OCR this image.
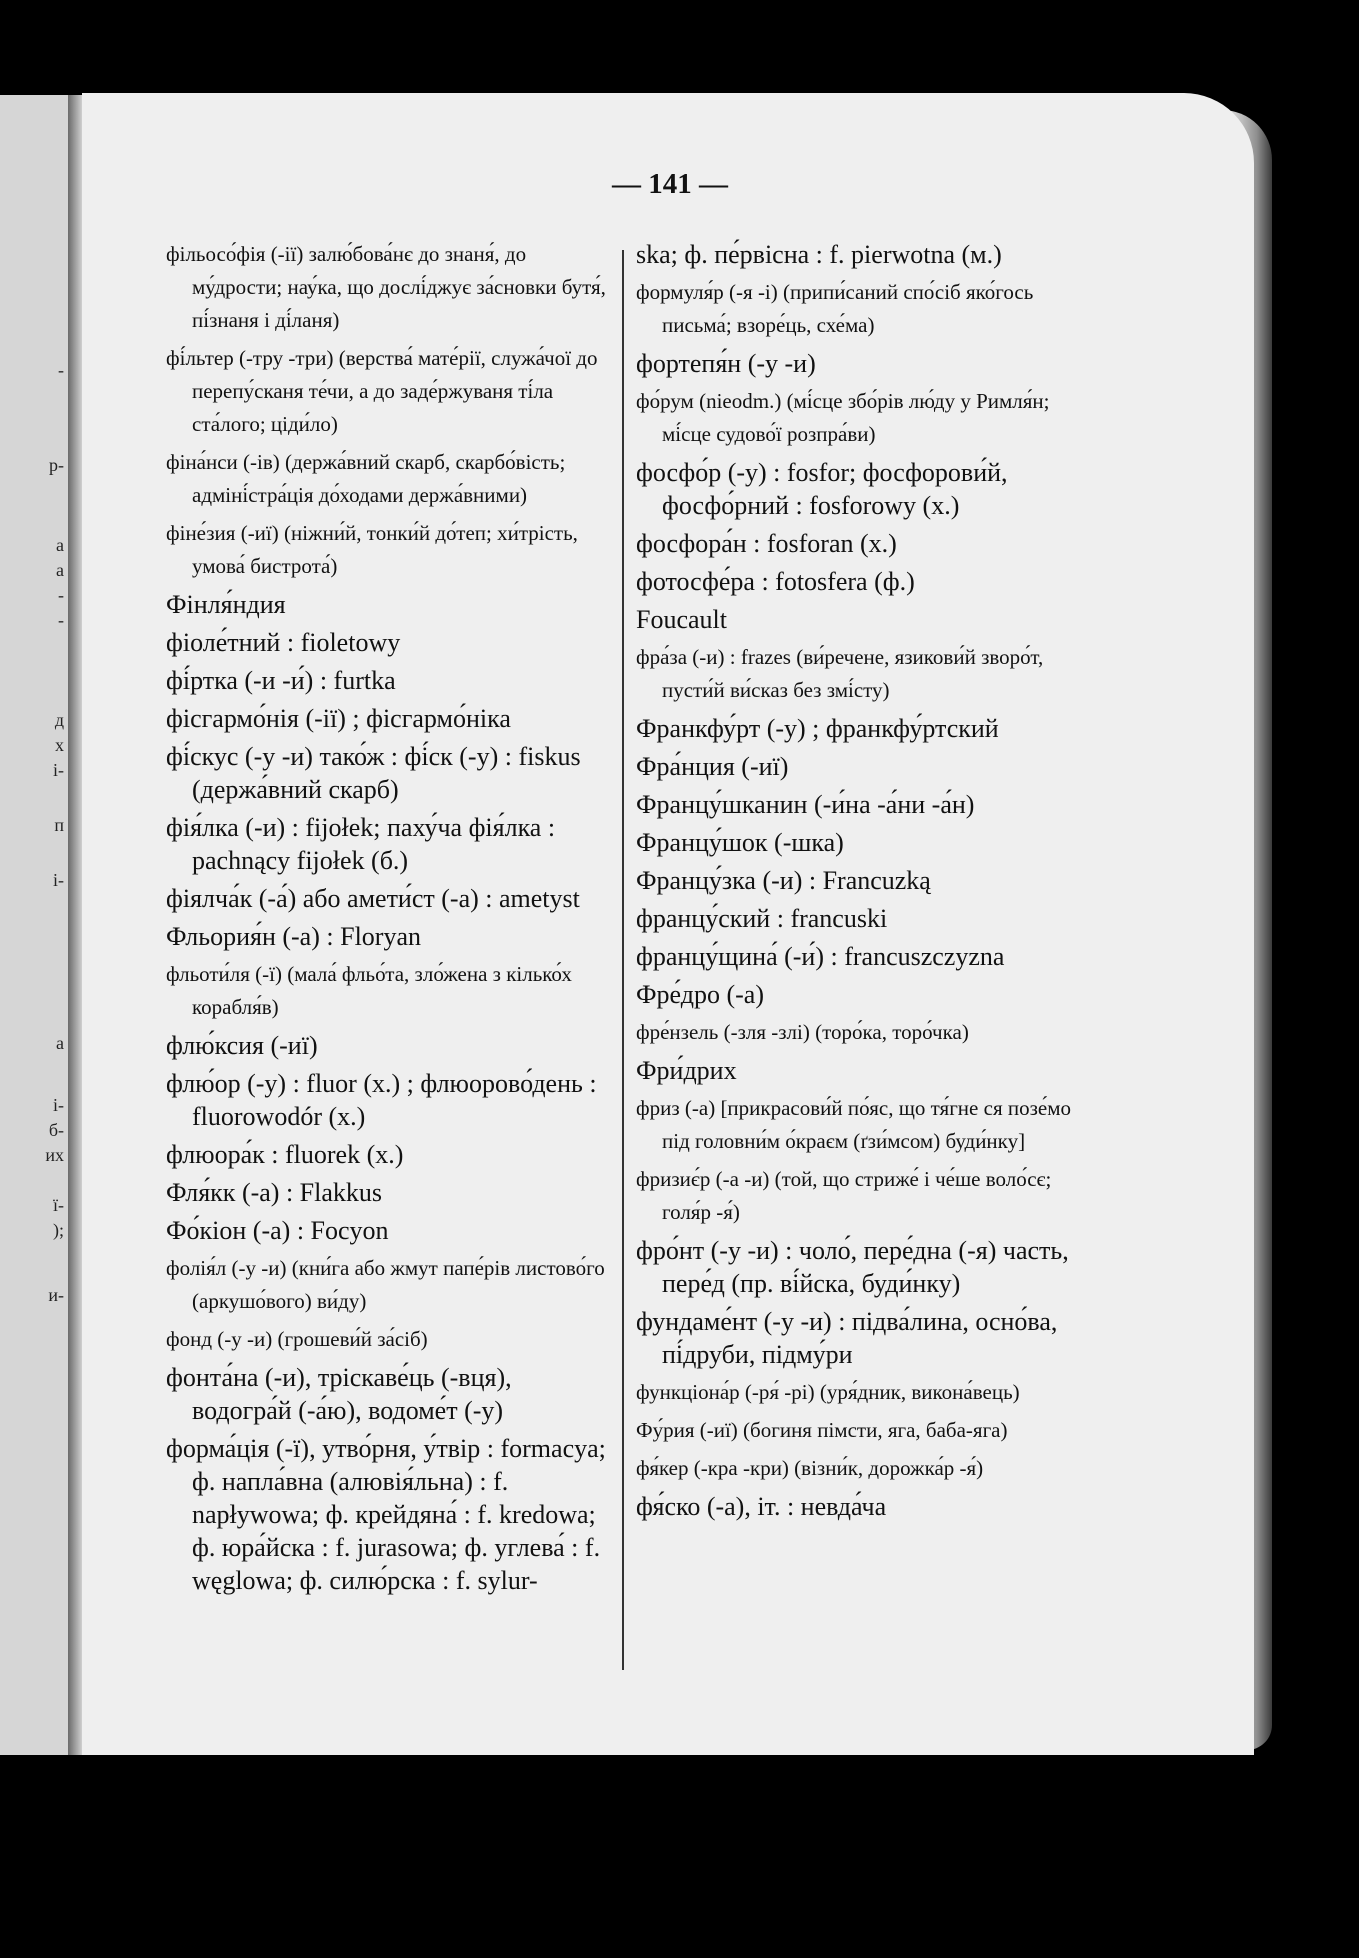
-
р-
а
а
-
-
д
х
і-
п
і-
а
і-
б-
их
ї-
);
и-
— 141 —
фільосо́фія (-ії) залю́бова́нє до знаня́, до му́дрости; нау́ка, що дослі́джує за́сновки бутя́, пі́знаня і ді́ланя)
фі́льтер (-тру -три) (верства́ мате́рії, служа́чої до перепу́сканя те́чи, а до заде́ржуваня ті́ла ста́лого; ціди́ло)
фіна́нси (-ів) (держа́вний скарб, скарбо́вість; адміні́стра́ція до́ходами держа́вними)
фіне́зия (-иї) (ніжни́й, тонки́й до́теп; хи́трість, умова́ бистрота́)
Фінля́ндия
фіоле́тний : fioletowy
фі́ртка (-и -и́) : furtka
фісгармо́нія (-ії) ; фісгармо́ніка
фі́скус (-у -и) тако́ж : фі́ск (-у) : fiskus (держа́вний скарб)
фія́лка (-и) : fijołek; паху́ча фія́лка : pachnący fijołek (б.)
фіялча́к (-а́) або амети́ст (-а) : ametyst
Фльория́н (-а) : Floryan
фльоти́ля (-ї) (мала́ фльо́та, зло́жена з кілько́х корабля́в)
флю́ксия (-иї)
флю́ор (-у) : fluor (х.) ; флюорово́день : fluorowodór (х.)
флюора́к : fluorek (х.)
Фля́кк (-а) : Flakkus
Фо́кіон (-а) : Focyon
фолія́л (-у -и) (кни́га або жмут папе́рів листово́го (аркушо́вого) ви́ду)
фонд (-у -и) (грошеви́й за́сіб)
фонта́на (-и), тріскаве́ць (-вця), водогра́й (-а́ю), водоме́т (-у)
форма́ція (-ї), утво́рня, у́твір : formacya; ф. напла́вна (алювія́льна) : f. napływowa; ф. крейдяна́ : f. kredowa; ф. юра́йска : f. jurasowa; ф. углева́ : f. węglowa; ф. силю́рска : f. sylur-
ska; ф. пе́рвісна : f. pierwotna (м.)
формуля́р (-я -і) (припи́саний спо́сіб яко́гось письма́; взоре́ць, схе́ма)
фортепя́н (-у -и)
фо́рум (nieodm.) (мі́сце збо́рів лю́ду у Римля́н; мі́сце судово́ї розпра́ви)
фосфо́р (-у) : fosfor; фосфорови́й, фосфо́рний : fosforowy (х.)
фосфора́н : fosforan (х.)
фотосфе́ра : fotosfera (ф.)
Foucault
фра́за (-и) : frazes (ви́речене, язикови́й зворо́т, пусти́й ви́сказ без змі́сту)
Франкфу́рт (-у) ; франкфу́ртский
Фра́нция (-иї)
Францу́шканин (-и́на -а́ни -а́н)
Францу́шок (-шка)
Францу́зка (-и) : Francuzką
францу́ский : francuski
францу́щина́ (-и́) : francuszczyzna
Фре́дро (-а)
фре́нзель (-зля -злі) (торо́ка, торо́чка)
Фри́дрих
фриз (-а) [прикрасови́й по́яс, що тя́гне ся позе́мо під головни́м о́краєм (ґзи́мсом) буди́нку]
фризиє́р (-а -и) (той, що стриже́ і че́ше воло́сє; голя́р -я́)
фро́нт (-у -и) : чоло́, пере́дна (-я) часть, пере́д (пр. ві́йска, буди́нку)
фундаме́нт (-у -и) : підва́лина, осно́ва, пі́друби, підму́ри
функціона́р (-ря́ -рі) (уря́дник, викона́вець)
Фу́рия (-иї) (богиня пімсти, яга, баба-яга)
фя́кер (-кра -кри) (візни́к, дорожка́р -я́)
фя́ско (-а), іт. : невда́ча
